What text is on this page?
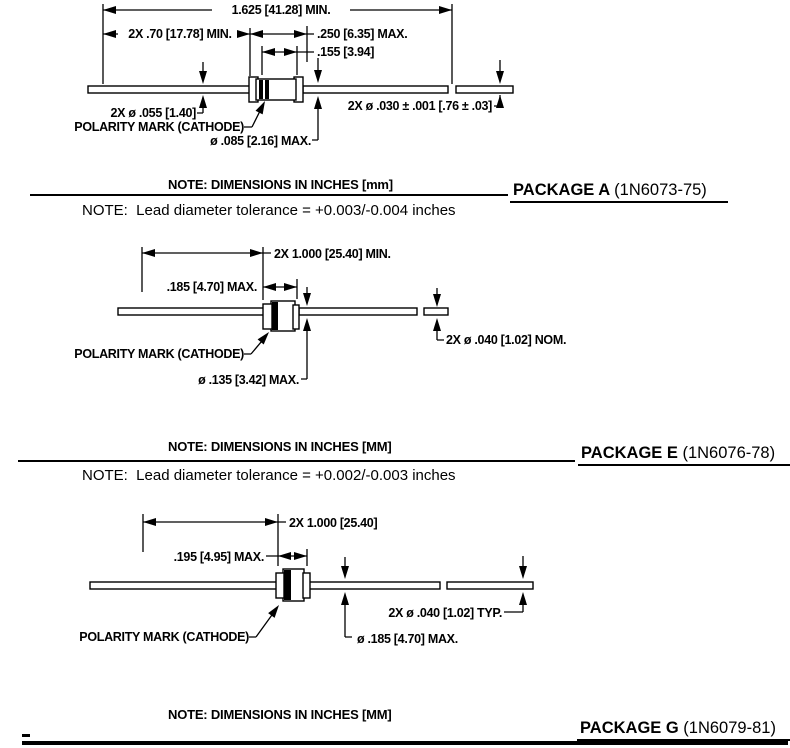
1.625 [41.28] MIN.
2X .70 [17.78] MIN.	.250 [6.35] MAX.
.155 [3.94]
2X ø .055 [1.40]
ø .085 [2.16] MAX.
2X ø .030 ± .001 [.76 ± .03]
POLARITY MARK (CATHODE)
NOTE: DIMENSIONS IN INCHES [mm]	PACKAGE A (1N6073-75)
NOTE:  Lead diameter tolerance = +0.003/-0.004 inches
2X 1.000 [25.40] MIN.
.185 [4.70] MAX.
ø .135 [3.42] MAX.
2X ø .040 [1.02] NOM.
POLARITY MARK (CATHODE)
NOTE: DIMENSIONS IN INCHES [MM]	PACKAGE E (1N6076-78)
NOTE:  Lead diameter tolerance = +0.002/-0.003 inches
2X 1.000 [25.40]
.195 [4.95] MAX.
ø .185 [4.70] MAX.
2X ø .040 [1.02] TYP.
POLARITY MARK (CATHODE)
NOTE: DIMENSIONS IN INCHES [MM]
PACKAGE G (1N6079-81)
